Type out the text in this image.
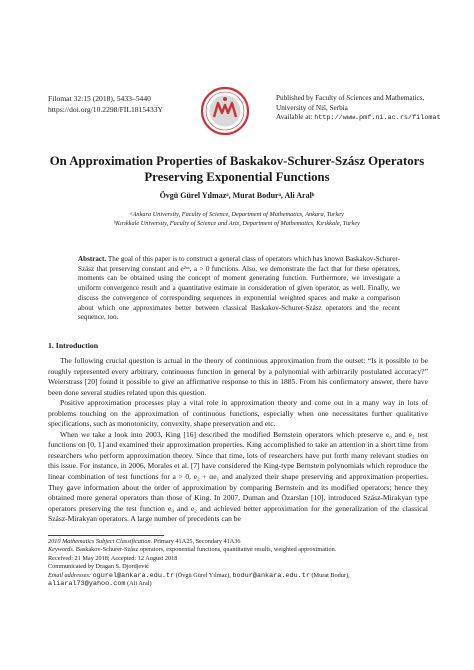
Filomat 32:15 (2018), 5433–5440
https://doi.org/10.2298/FIL1815433Y
Published by Faculty of Sciences and Mathematics,
University of Niš, Serbia
Available at: http://www.pmf.ni.ac.rs/filomat
On Approximation Properties of Baskakov-Schurer-Szász Operators
Preserving Exponential Functions
Övgü Gürel Yılmazᵃ, Murat Bodurᵃ, Ali Aralᵇ
ᵃAnkara University, Faculty of Science, Department of Mathematics, Ankara, Turkey
ᵇKırıkkale University, Faculty of Science and Arts, Department of Mathematics, Kırıkkale, Turkey
Abstract. The goal of this paper is to construct a general class of operators which has known Baskakov-Schurer-Szász that preserving constant and e²ᵃˣ, a > 0 functions. Also, we demonstrate the fact that for these operators, moments can be obtained using the concept of moment generating function. Furthermore, we investigate a uniform convergence result and a quantitative estimate in consideration of given operator, as well. Finally, we discuss the convergence of corresponding sequences in exponential weighted spaces and make a comparison about which one approximates better between classical Baskakov-Schurer-Szász operators and the recent sequence, too.
1. Introduction

The following crucial question is actual in the theory of continuous approximation from the outset: “Is it possible to be roughly represented every arbitrary, continuous function in general by a polynomial with arbitrarily postulated accuracy?” Weierstrass [20] found it possible to give an affirmative response to this in 1885. From his confirmatory answer, there have been done several studies related upon this question.

Positive approximation processes play a vital role in approximation theory and come out in a many way in lots of problems touching on the approximation of continuous functions, especially when one necessitates further qualitative specifications, such as monotonicity, convexity, shape preservation and etc.

When we take a look into 2003, King [16] described the modified Bernstein operators which preserve e₀ and e₂ test functions on [0, 1] and examined their approximation properties. King accomplished to take an attention in a short time from researchers who perform approximation theory. Since that time, lots of researchers have put forth many relevant studies on this issue. For instance, in 2006, Morales et al. [7] have considered the King-type Bernstein polynomials which reproduce the linear combination of test functions for a > 0, e₂ + αe₁ and analyzed their shape preserving and approximation properties. They gave information about the order of approximation by comparing Bernstein and its modified operators; hence they obtained more general operators than those of King. In 2007, Duman and Özarslan [10], introduced Szász-Mirakyan type operators preserving the test function e₀ and e₂ and achieved better approximation for the generalization of the classical Szász-Mirakyan operators. A large number of precedents can be

2010 Mathematics Subject Classification. Primary 41A25, Secondary 41A36
Keywords. Baskakov-Schurer-Szász operators, exponential functions, quantitative results, weighted approximation.
Received: 21 May 2018; Accepted: 12 August 2018
Communicated by Dragan S. Djordjević
Email addresses: ogurel@ankara.edu.tr (Övgü Gürel Yılmaz), bodur@ankara.edu.tr (Murat Bodur), aliaral73@yahoo.com (Ali Aral)
